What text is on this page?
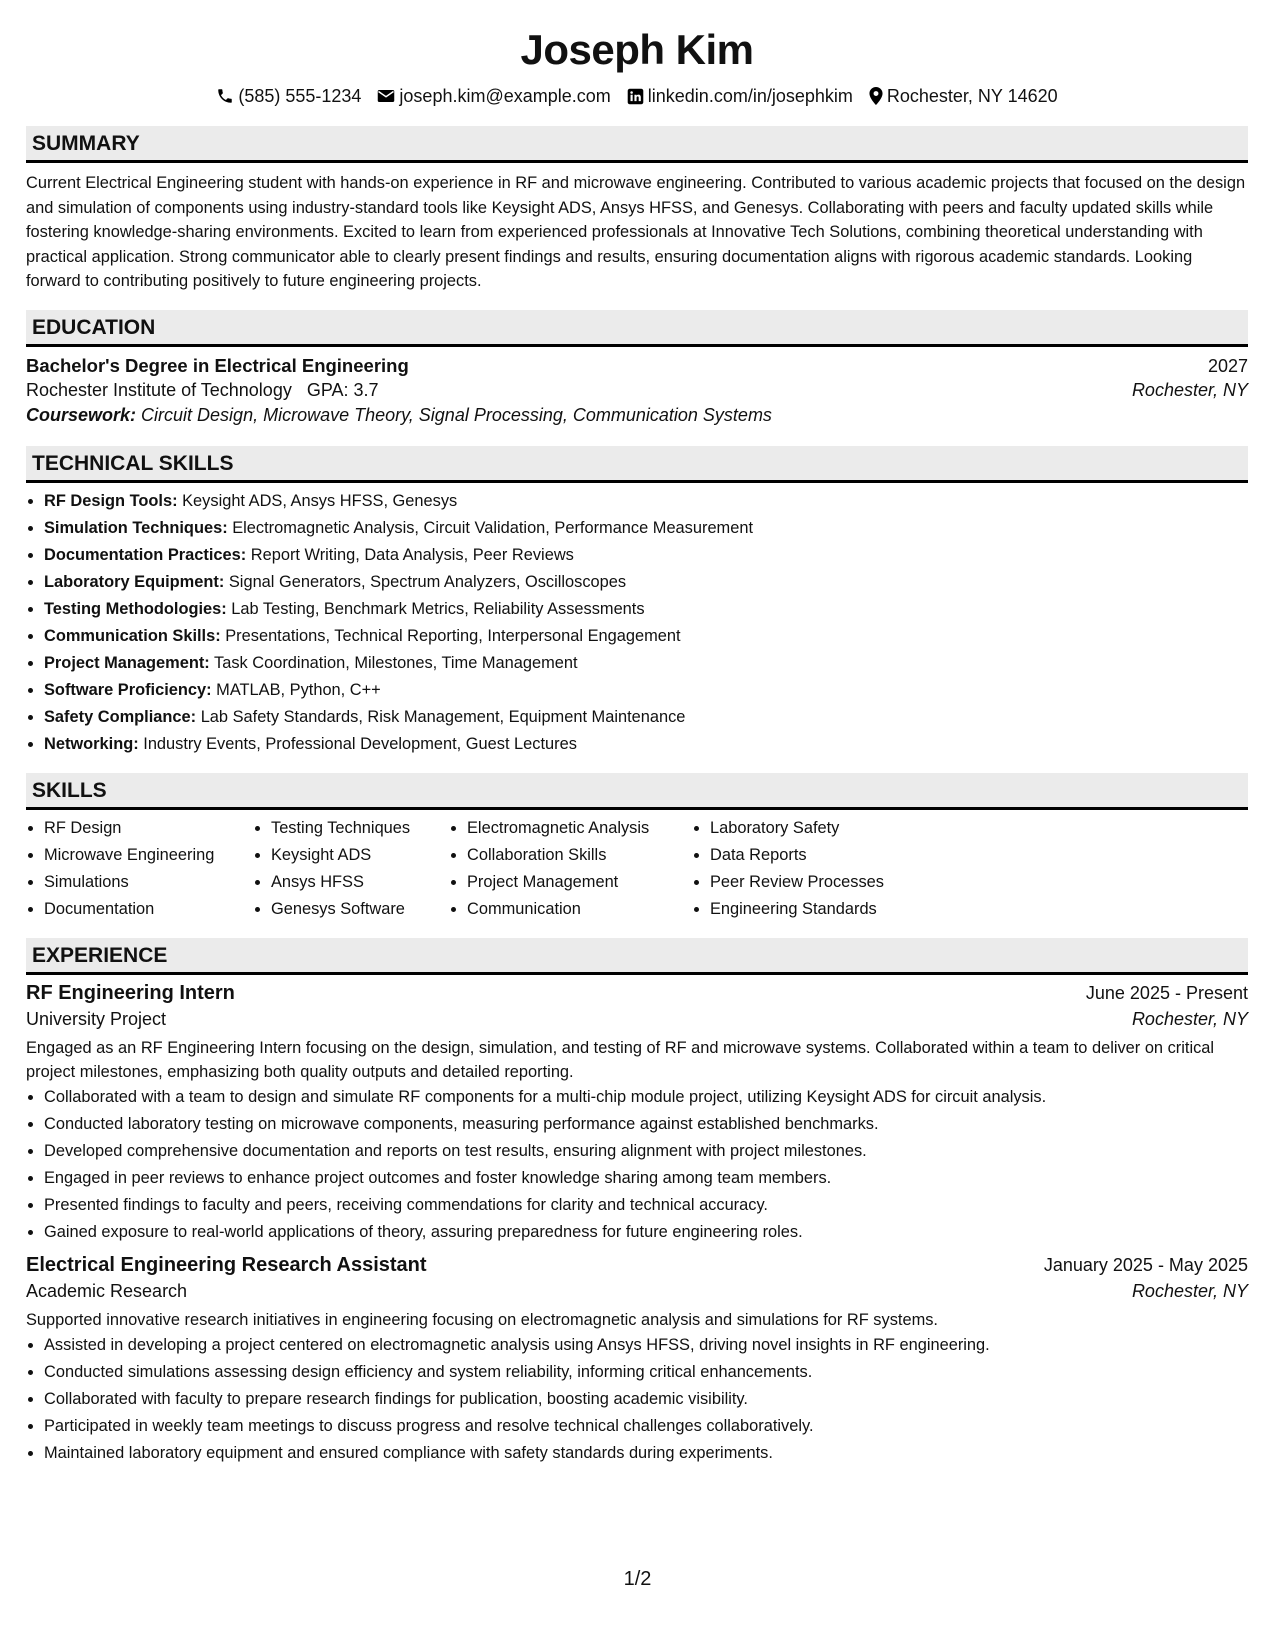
Joseph Kim
(585) 555-1234 joseph.kim@example.com linkedin.com/in/josephkim Rochester, NY 14620
SUMMARY

Current Electrical Engineering student with hands-on experience in RF and microwave engineering. Contributed to various academic projects that focused on the design and simulation of components using industry-standard tools like Keysight ADS, Ansys HFSS, and Genesys. Collaborating with peers and faculty updated skills while fostering knowledge-sharing environments. Excited to learn from experienced professionals at Innovative Tech Solutions, combining theoretical understanding with practical application. Strong communicator able to clearly present findings and results, ensuring documentation aligns with rigorous academic standards. Looking forward to contributing positively to future engineering projects.

EDUCATION
Bachelor's Degree in Electrical Engineering	2027
Rochester Institute of Technology GPA: 3.7	Rochester, NY
Coursework: Circuit Design, Microwave Theory, Signal Processing, Communication Systems
TECHNICAL SKILLS
• RF Design Tools: Keysight ADS, Ansys HFSS, Genesys
• Simulation Techniques: Electromagnetic Analysis, Circuit Validation, Performance Measurement
• Documentation Practices: Report Writing, Data Analysis, Peer Reviews
• Laboratory Equipment: Signal Generators, Spectrum Analyzers, Oscilloscopes
• Testing Methodologies: Lab Testing, Benchmark Metrics, Reliability Assessments
• Communication Skills: Presentations, Technical Reporting, Interpersonal Engagement
• Project Management: Task Coordination, Milestones, Time Management
• Software Proficiency: MATLAB, Python, C++
• Safety Compliance: Lab Safety Standards, Risk Management, Equipment Maintenance
• Networking: Industry Events, Professional Development, Guest Lectures
SKILLS
• RF Design
• Microwave Engineering
• Simulations
• Documentation
• Testing Techniques
• Keysight ADS
• Ansys HFSS
• Genesys Software
• Electromagnetic Analysis
• Collaboration Skills
• Project Management
• Communication
• Laboratory Safety
• Data Reports
• Peer Review Processes
• Engineering Standards
EXPERIENCE
RF Engineering Intern	June 2025 - Present
University Project	Rochester, NY

Engaged as an RF Engineering Intern focusing on the design, simulation, and testing of RF and microwave systems. Collaborated within a team to deliver on critical project milestones, emphasizing both quality outputs and detailed reporting.

• Collaborated with a team to design and simulate RF components for a multi-chip module project, utilizing Keysight ADS for circuit analysis.
• Conducted laboratory testing on microwave components, measuring performance against established benchmarks.
• Developed comprehensive documentation and reports on test results, ensuring alignment with project milestones.
• Engaged in peer reviews to enhance project outcomes and foster knowledge sharing among team members.
• Presented findings to faculty and peers, receiving commendations for clarity and technical accuracy.
• Gained exposure to real-world applications of theory, assuring preparedness for future engineering roles.
Electrical Engineering Research Assistant	January 2025 - May 2025
Academic Research	Rochester, NY

Supported innovative research initiatives in engineering focusing on electromagnetic analysis and simulations for RF systems.

• Assisted in developing a project centered on electromagnetic analysis using Ansys HFSS, driving novel insights in RF engineering.
• Conducted simulations assessing design efficiency and system reliability, informing critical enhancements.
• Collaborated with faculty to prepare research findings for publication, boosting academic visibility.
• Participated in weekly team meetings to discuss progress and resolve technical challenges collaboratively.
• Maintained laboratory equipment and ensured compliance with safety standards during experiments.
1/2
